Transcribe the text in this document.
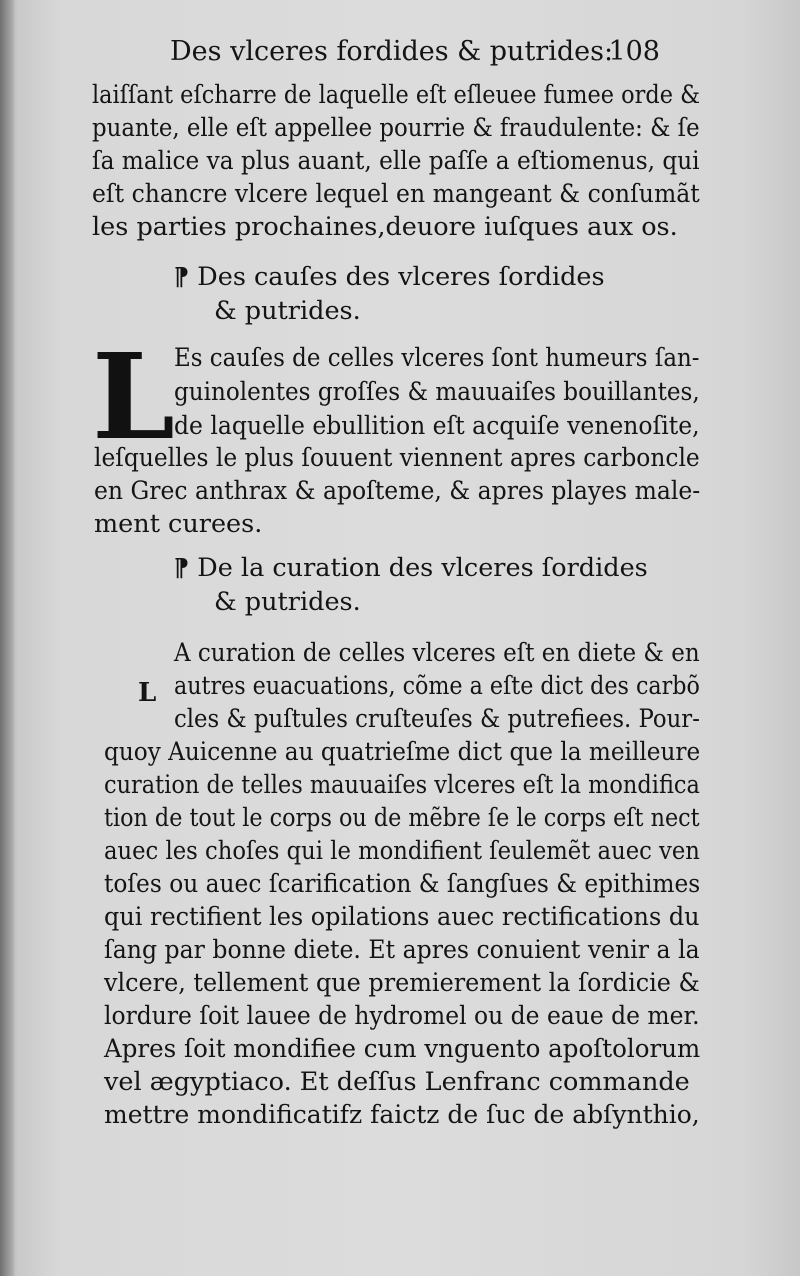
Des vlceres fordides & putrides:
108
laiſſant eſcharre de laquelle eſt eſleuee fumee orde &
puante, elle eſt appellee pourrie & fraudulente: & ſe
ſa malice va plus auant, elle paſſe a eſtiomenus, qui
eſt chancre vlcere lequel en mangeant & conſumãt
les parties prochaines,deuore iuſques aux os.
¶ Des cauſes des vlceres ſordides
& putrides.
L Es cauſes de celles vlceres ſont humeurs ſan-
guinolentes groſſes & mauuaiſes bouillantes,
de laquelle ebullition eſt acquiſe venenoſite,
leſquelles le plus ſouuent viennent apres carboncle
en Grec anthrax & apoſteme, & apres playes male-
ment curees.
¶ De la curation des vlceres ſordides
& putrides.
L
A curation de celles vlceres eſt en diete & en
autres euacuations, cõme a eſte dict des carbõ
cles & puſtules cruſteuſes & putrefiees. Pour-
quoy Auicenne au quatrieſme dict que la meilleure
curation de telles mauuaiſes vlceres eſt la mondifica
tion de tout le corps ou de mẽbre ſe le corps eſt nect
auec les choſes qui le mondifient ſeulemẽt auec ven
toſes ou auec ſcarification & ſangſues & epithimes
qui rectifient les opilations auec rectifications du
ſang par bonne diete. Et apres conuient venir a la
vlcere, tellement que premierement la ſordicie &
lordure ſoit lauee de hydromel ou de eaue de mer.
Apres ſoit mondifiee cum vnguento apoſtolorum
vel ægyptiaco. Et deſſus Lenfranc commande
mettre mondificatifz faictz de ſuc de abſynthio,
